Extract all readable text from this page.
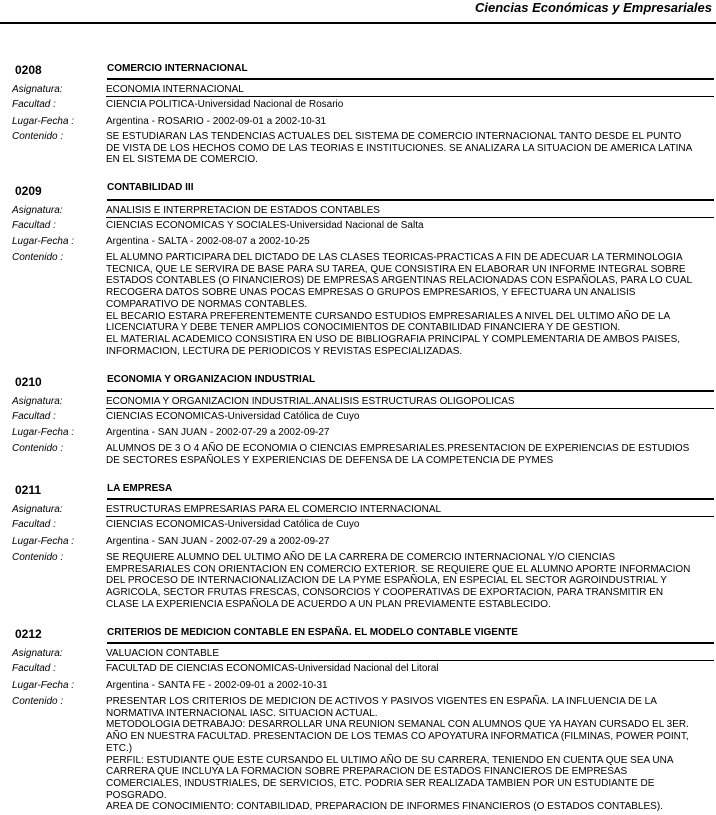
Ciencias Económicas y Empresariales
0208	COMERCIO INTERNACIONAL
Asignatura:	ECONOMIA INTERNACIONAL
Facultad :	CIENCIA POLITICA-Universidad Nacional de Rosario
Lugar-Fecha :	Argentina - ROSARIO - 2002-09-01 a 2002-10-31
Contenido :	SE ESTUDIARAN LAS TENDENCIAS ACTUALES DEL SISTEMA DE COMERCIO INTERNACIONAL TANTO DESDE EL PUNTO
DE VISTA DE LOS HECHOS COMO DE LAS TEORIAS E INSTITUCIONES. SE ANALIZARA LA SITUACION DE AMERICA LATINA
EN EL SISTEMA DE COMERCIO.
0209	CONTABILIDAD III
Asignatura:	ANALISIS E INTERPRETACION DE ESTADOS CONTABLES
Facultad :	CIENCIAS ECONOMICAS Y SOCIALES-Universidad Nacional de Salta
Lugar-Fecha :	Argentina - SALTA - 2002-08-07 a 2002-10-25
Contenido :	EL ALUMNO PARTICIPARA DEL DICTADO DE LAS CLASES TEORICAS-PRACTICAS A FIN DE ADECUAR LA TERMINOLOGIA
TECNICA, QUE LE SERVIRA DE BASE PARA SU TAREA, QUE CONSISTIRA EN ELABORAR UN INFORME INTEGRAL SOBRE
ESTADOS CONTABLES (O FINANCIEROS) DE EMPRESAS ARGENTINAS RELACIONADAS CON ESPAÑOLAS, PARA LO CUAL
RECOGERA DATOS SOBRE UNAS POCAS EMPRESAS O GRUPOS EMPRESARIOS, Y EFECTUARA UN ANALISIS
COMPARATIVO DE NORMAS CONTABLES.
EL BECARIO ESTARA PREFERENTEMENTE CURSANDO ESTUDIOS EMPRESARIALES A NIVEL DEL ULTIMO AÑO DE LA
LICENCIATURA Y DEBE TENER AMPLIOS CONOCIMIENTOS DE CONTABILIDAD FINANCIERA Y DE GESTION.
EL MATERIAL ACADEMICO CONSISTIRA EN USO DE BIBLIOGRAFIA PRINCIPAL Y COMPLEMENTARIA DE AMBOS PAISES,
INFORMACION, LECTURA DE PERIODICOS Y REVISTAS ESPECIALIZADAS.
0210	ECONOMIA Y ORGANIZACION INDUSTRIAL
Asignatura:	ECONOMIA Y ORGANIZACION INDUSTRIAL.ANALISIS ESTRUCTURAS OLIGOPOLICAS
Facultad :	CIENCIAS ECONOMICAS-Universidad Católica de Cuyo
Lugar-Fecha :	Argentina - SAN JUAN - 2002-07-29 a 2002-09-27
Contenido :	ALUMNOS DE 3 O 4 AÑO DE ECONOMIA O CIENCIAS EMPRESARIALES.PRESENTACION DE EXPERIENCIAS DE ESTUDIOS
DE SECTORES ESPAÑOLES Y EXPERIENCIAS DE DEFENSA DE LA COMPETENCIA DE PYMES
0211	LA EMPRESA
Asignatura:	ESTRUCTURAS EMPRESARIAS PARA EL COMERCIO INTERNACIONAL
Facultad :	CIENCIAS ECONOMICAS-Universidad Católica de Cuyo
Lugar-Fecha :	Argentina - SAN JUAN - 2002-07-29 a 2002-09-27
Contenido :	SE REQUIERE ALUMNO DEL ULTIMO AÑO DE LA CARRERA DE COMERCIO INTERNACIONAL Y/O CIENCIAS
EMPRESARIALES CON ORIENTACION EN COMERCIO EXTERIOR. SE REQUIERE QUE EL ALUMNO APORTE INFORMACION
DEL PROCESO DE INTERNACIONALIZACION DE LA PYME ESPAÑOLA, EN ESPECIAL EL SECTOR AGROINDUSTRIAL Y
AGRICOLA, SECTOR FRUTAS FRESCAS, CONSORCIOS Y COOPERATIVAS DE EXPORTACION, PARA TRANSMITIR EN
CLASE LA EXPERIENCIA ESPAÑOLA DE ACUERDO A UN PLAN PREVIAMENTE ESTABLECIDO.
0212	CRITERIOS DE MEDICION CONTABLE EN ESPAÑA. EL MODELO CONTABLE VIGENTE
Asignatura:	VALUACION CONTABLE
Facultad :	FACULTAD DE CIENCIAS ECONOMICAS-Universidad Nacional del Litoral
Lugar-Fecha :	Argentina - SANTA FE - 2002-09-01 a 2002-10-31
Contenido :	PRESENTAR LOS CRITERIOS DE MEDICION DE ACTIVOS Y PASIVOS VIGENTES EN ESPAÑA. LA INFLUENCIA DE LA
NORMATIVA INTERNACIONAL IASC. SITUACION ACTUAL.
METODOLOGIA DETRABAJO: DESARROLLAR UNA REUNION SEMANAL CON ALUMNOS QUE YA HAYAN CURSADO EL 3ER.
AÑO EN NUESTRA FACULTAD. PRESENTACION DE LOS TEMAS CO APOYATURA INFORMATICA (FILMINAS, POWER POINT,
ETC.)
PERFIL: ESTUDIANTE QUE ESTE CURSANDO EL ULTIMO AÑO DE SU CARRERA, TENIENDO EN CUENTA QUE SEA UNA
CARRERA QUE INCLUYA LA FORMACION SOBRE PREPARACION DE ESTADOS FINANCIEROS DE EMPRESAS
COMERCIALES, INDUSTRIALES, DE SERVICIOS, ETC. PODRIA SER REALIZADA TAMBIEN POR UN ESTUDIANTE DE
POSGRADO.
AREA DE CONOCIMIENTO: CONTABILIDAD, PREPARACION DE INFORMES FINANCIEROS (O ESTADOS CONTABLES).
